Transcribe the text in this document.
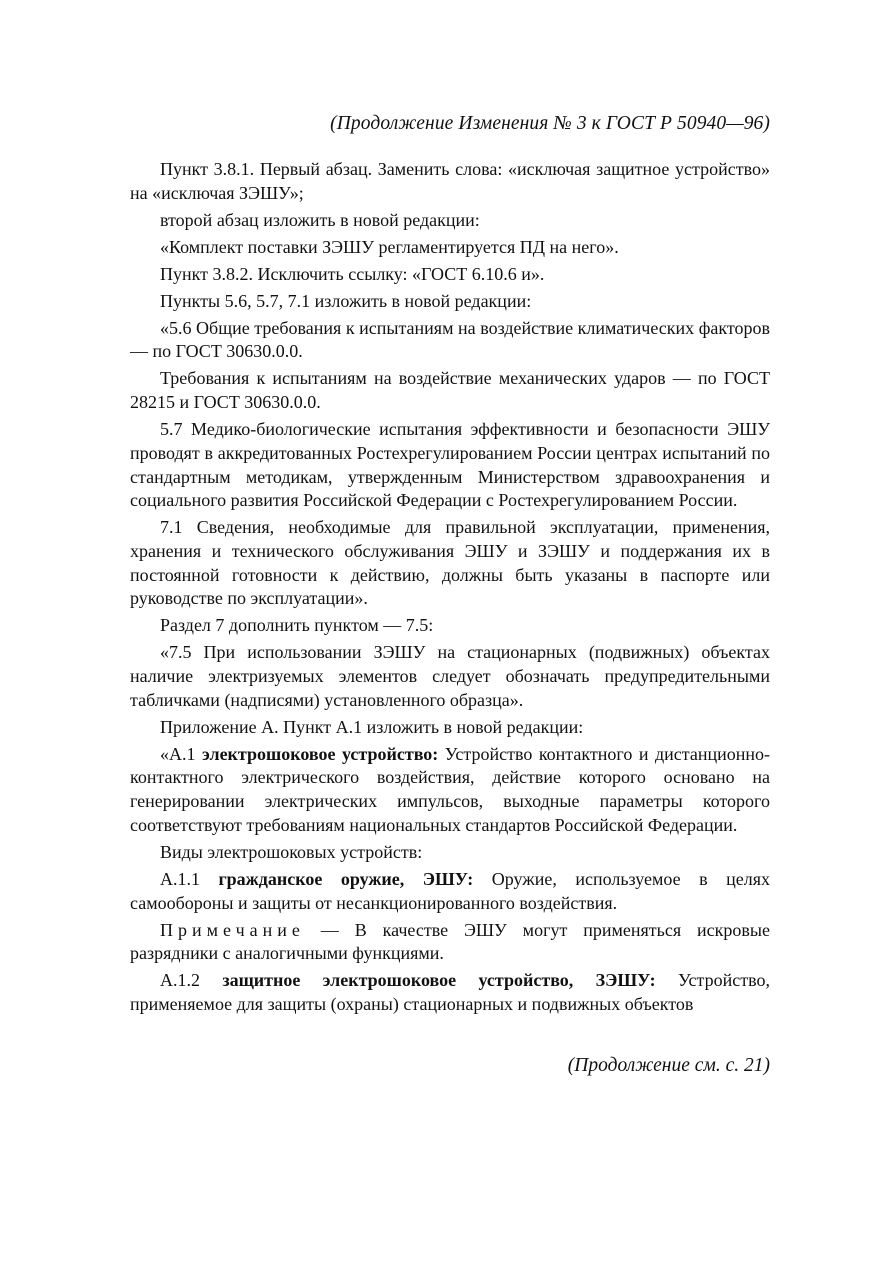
(Продолжение Изменения № 3 к ГОСТ Р 50940—96)

Пункт 3.8.1. Первый абзац. Заменить слова: «исключая защитное устройство» на «исключая ЗЭШУ»;

второй абзац изложить в новой редакции:

«Комплект поставки ЗЭШУ регламентируется ПД на него».

Пункт 3.8.2. Исключить ссылку: «ГОСТ 6.10.6 и».

Пункты 5.6, 5.7, 7.1 изложить в новой редакции:

«5.6 Общие требования к испытаниям на воздействие климатических факторов — по ГОСТ 30630.0.0.

Требования к испытаниям на воздействие механических ударов — по ГОСТ 28215 и ГОСТ 30630.0.0.

5.7 Медико-биологические испытания эффективности и безопасности ЭШУ проводят в аккредитованных Ростехрегулированием России центрах испытаний по стандартным методикам, утвержденным Министерством здравоохранения и социального развития Российской Федерации с Ростехрегулированием России.

7.1 Сведения, необходимые для правильной эксплуатации, применения, хранения и технического обслуживания ЭШУ и ЗЭШУ и поддержания их в постоянной готовности к действию, должны быть указаны в паспорте или руководстве по эксплуатации».

Раздел 7 дополнить пунктом — 7.5:

«7.5 При использовании ЗЭШУ на стационарных (подвижных) объектах наличие электризуемых элементов следует обозначать предупредительными табличками (надписями) установленного образца».

Приложение А. Пункт А.1 изложить в новой редакции:

«А.1 электрошоковое устройство: Устройство контактного и дистанционно-контактного электрического воздействия, действие которого основано на генерировании электрических импульсов, выходные параметры которого соответствуют требованиям национальных стандартов Российской Федерации.

Виды электрошоковых устройств:

А.1.1 гражданское оружие, ЭШУ: Оружие, используемое в целях самообороны и защиты от несанкционированного воздействия.

Примечание — В качестве ЭШУ могут применяться искровые разрядники с аналогичными функциями.

А.1.2 защитное электрошоковое устройство, ЗЭШУ: Устройство, применяемое для защиты (охраны) стационарных и подвижных объектов

(Продолжение см. с. 21)
